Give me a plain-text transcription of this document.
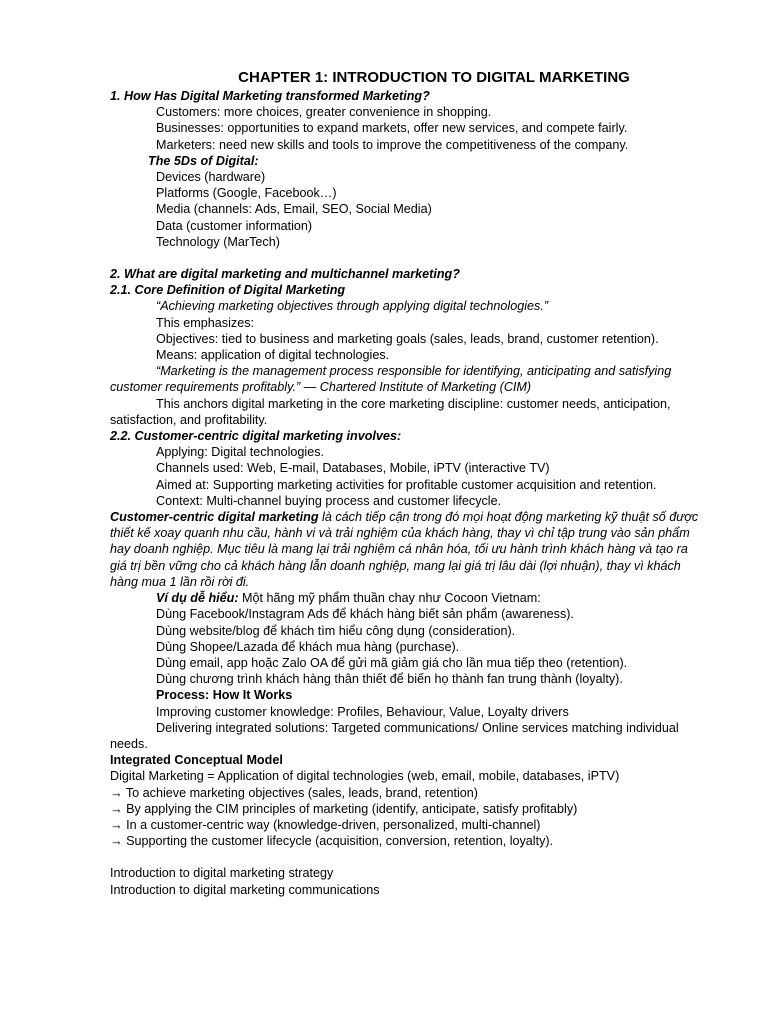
CHAPTER 1: INTRODUCTION TO DIGITAL MARKETING

1. How Has Digital Marketing transformed Marketing?

Customers: more choices, greater convenience in shopping.

Businesses: opportunities to expand markets, offer new services, and compete fairly.

Marketers: need new skills and tools to improve the competitiveness of the company.

The 5Ds of Digital:

Devices (hardware)

Platforms (Google, Facebook…)

Media (channels: Ads, Email, SEO, Social Media)

Data (customer information)

Technology (MarTech)

2. What are digital marketing and multichannel marketing?

2.1. Core Definition of Digital Marketing

“Achieving marketing objectives through applying digital technologies.”

This emphasizes:

Objectives: tied to business and marketing goals (sales, leads, brand, customer retention).

Means: application of digital technologies.

“Marketing is the management process responsible for identifying, anticipating and satisfying customer requirements profitably.” — Chartered Institute of Marketing (CIM)

This anchors digital marketing in the core marketing discipline: customer needs, anticipation, satisfaction, and profitability.

2.2. Customer-centric digital marketing involves:

Applying: Digital technologies.

Channels used: Web, E-mail, Databases, Mobile, iPTV (interactive TV)

Aimed at: Supporting marketing activities for profitable customer acquisition and retention.

Context: Multi-channel buying process and customer lifecycle.

Customer-centric digital marketing là cách tiếp cận trong đó mọi hoạt động marketing kỹ thuật số được thiết kế xoay quanh nhu cầu, hành vi và trải nghiệm của khách hàng, thay vì chỉ tập trung vào sản phẩm hay doanh nghiệp. Mục tiêu là mang lại trải nghiệm cá nhân hóa, tối ưu hành trình khách hàng và tạo ra giá trị bền vững cho cả khách hàng lẫn doanh nghiệp, mang lại giá trị lâu dài (lợi nhuận), thay vì khách hàng mua 1 lần rồi rời đi.

Ví dụ dễ hiểu: Một hãng mỹ phẩm thuần chay như Cocoon Vietnam:

Dùng Facebook/Instagram Ads để khách hàng biết sản phẩm (awareness).

Dùng website/blog để khách tìm hiểu công dụng (consideration).

Dùng Shopee/Lazada để khách mua hàng (purchase).

Dùng email, app hoặc Zalo OA để gửi mã giảm giá cho lần mua tiếp theo (retention).

Dùng chương trình khách hàng thân thiết để biến họ thành fan trung thành (loyalty).

Process: How It Works

Improving customer knowledge: Profiles, Behaviour, Value, Loyalty drivers

Delivering integrated solutions: Targeted communications/ Online services matching individual needs.

Integrated Conceptual Model

Digital Marketing = Application of digital technologies (web, email, mobile, databases, iPTV)

→ To achieve marketing objectives (sales, leads, brand, retention)

→ By applying the CIM principles of marketing (identify, anticipate, satisfy profitably)

→ In a customer-centric way (knowledge-driven, personalized, multi-channel)

→ Supporting the customer lifecycle (acquisition, conversion, retention, loyalty).

Introduction to digital marketing strategy

Introduction to digital marketing communications
